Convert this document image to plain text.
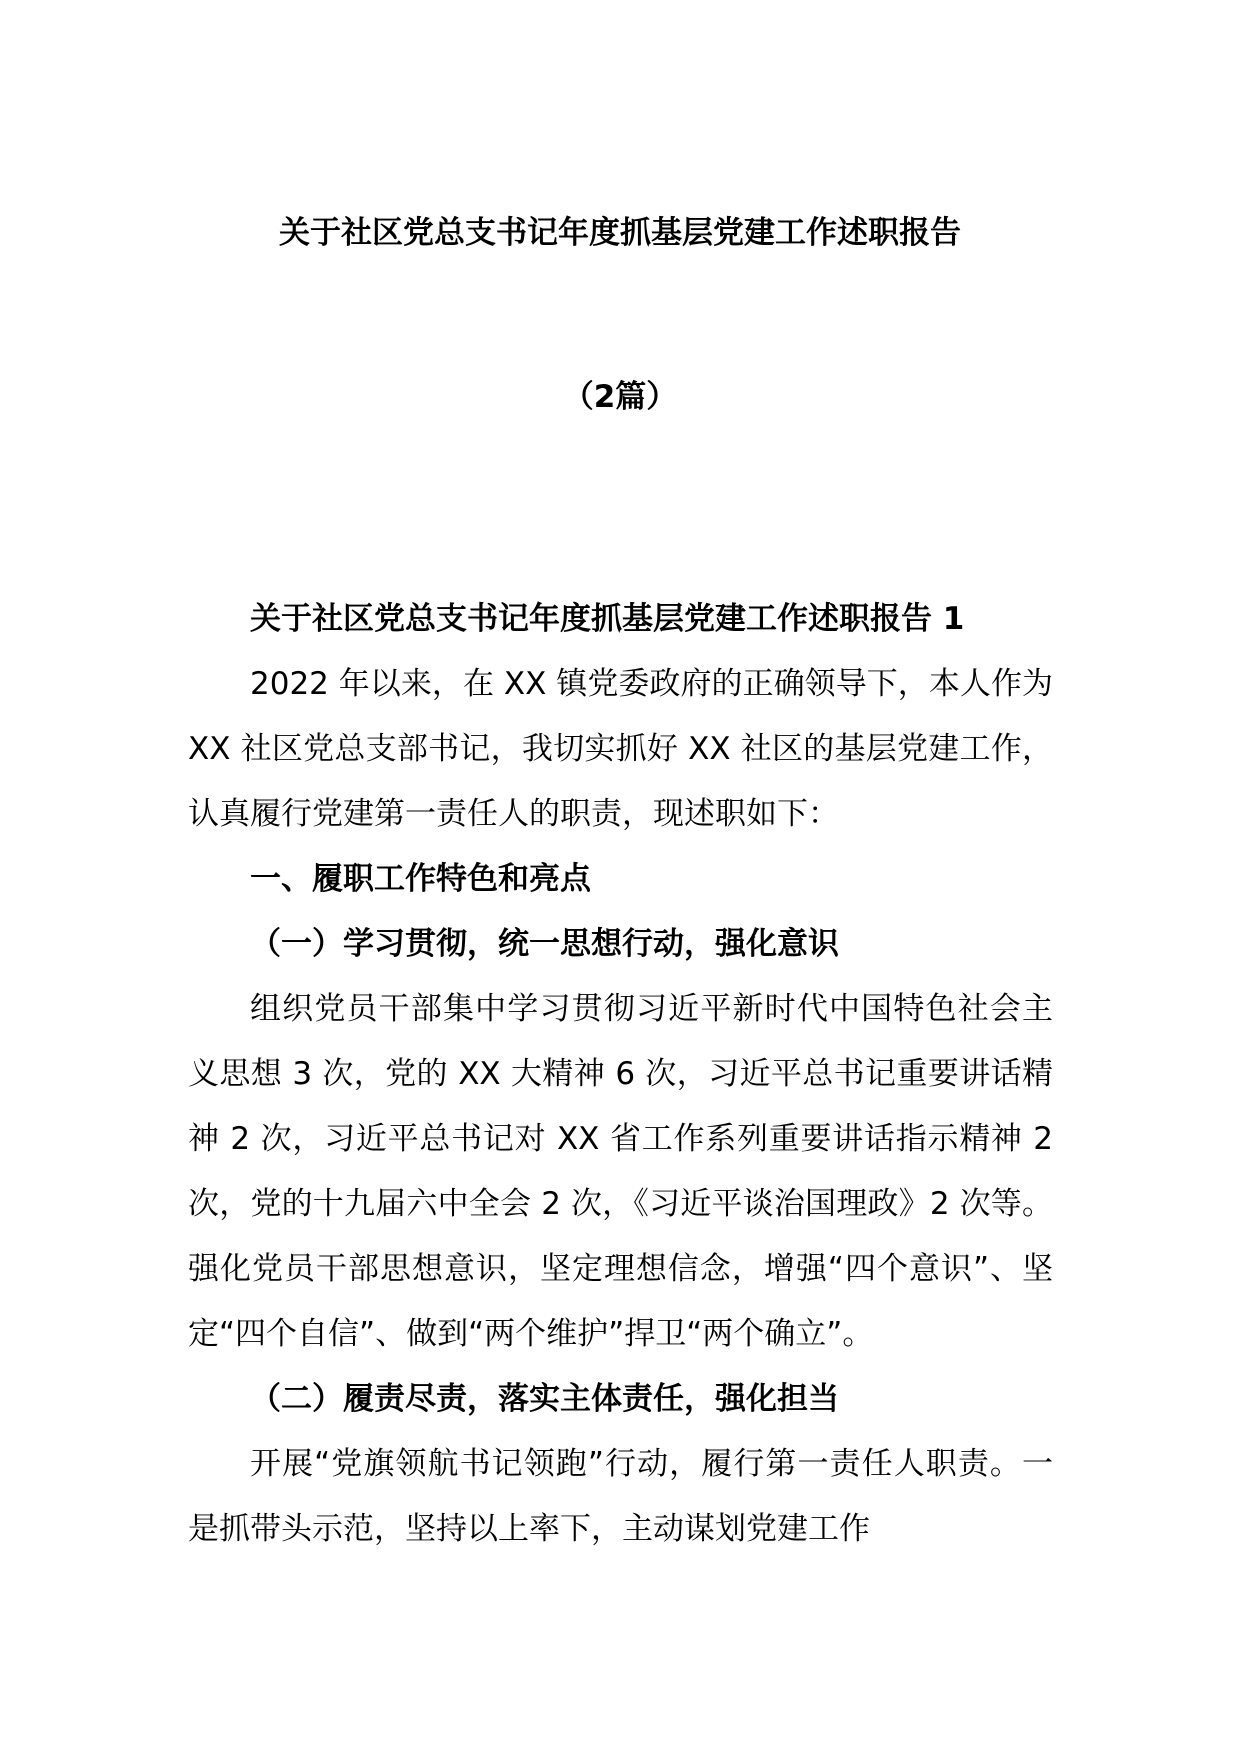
关于社区党总支书记年度抓基层党建工作述职报告
（2篇）

关于社区党总支书记年度抓基层党建工作述职报告 1

2022 年以来，在 XX 镇党委政府的正确领导下，本人作为 XX 社区党总支部书记，我切实抓好 XX 社区的基层党建工作，认真履行党建第一责任人的职责，现述职如下：

一、履职工作特色和亮点

（一）学习贯彻，统一思想行动，强化意识

组织党员干部集中学习贯彻习近平新时代中国特色社会主义思想 3 次，党的 XX 大精神 6 次，习近平总书记重要讲话精神 2 次，习近平总书记对 XX 省工作系列重要讲话指示精神 2 次，党的十九届六中全会 2 次，《习近平谈治国理政》2 次等。强化党员干部思想意识，坚定理想信念，增强“四个意识”、坚定“四个自信”、做到“两个维护”捍卫“两个确立”。

（二）履责尽责，落实主体责任，强化担当

开展“党旗领航书记领跑”行动，履行第一责任人职责。一是抓带头示范，坚持以上率下，主动谋划党建工作
